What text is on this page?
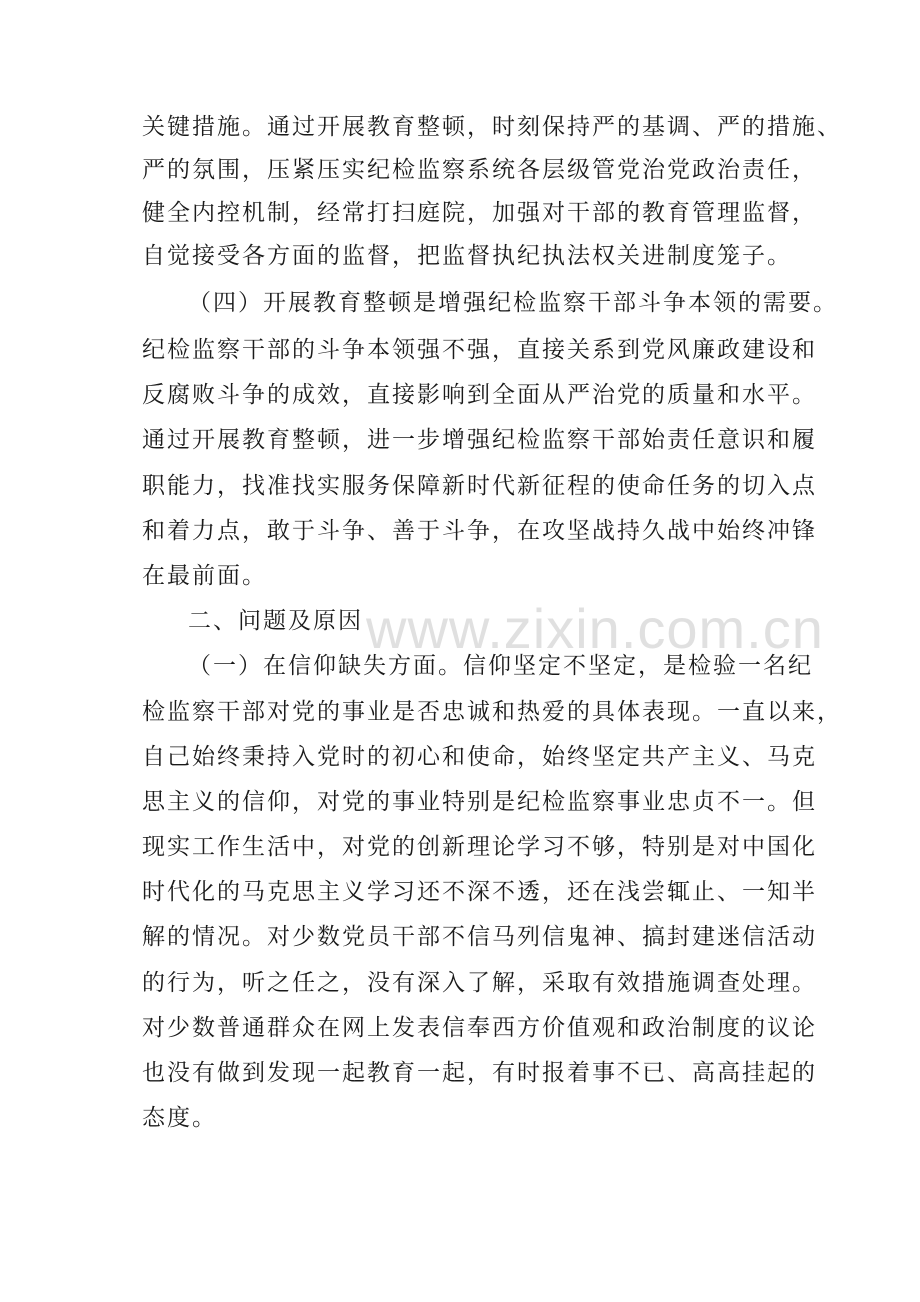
www.zixin.com.cn
关键措施。通过开展教育整顿，时刻保持严的基调、严的措施、
严的氛围，压紧压实纪检监察系统各层级管党治党政治责任，
健全内控机制，经常打扫庭院，加强对干部的教育管理监督，
自觉接受各方面的监督，把监督执纪执法权关进制度笼子。
（四）开展教育整顿是增强纪检监察干部斗争本领的需要。
纪检监察干部的斗争本领强不强，直接关系到党风廉政建设和
反腐败斗争的成效，直接影响到全面从严治党的质量和水平。
通过开展教育整顿，进一步增强纪检监察干部始责任意识和履
职能力，找准找实服务保障新时代新征程的使命任务的切入点
和着力点，敢于斗争、善于斗争，在攻坚战持久战中始终冲锋
在最前面。
二、问题及原因
（一）在信仰缺失方面。信仰坚定不坚定，是检验一名纪
检监察干部对党的事业是否忠诚和热爱的具体表现。一直以来，
自己始终秉持入党时的初心和使命，始终坚定共产主义、马克
思主义的信仰，对党的事业特别是纪检监察事业忠贞不一。但
现实工作生活中，对党的创新理论学习不够，特别是对中国化
时代化的马克思主义学习还不深不透，还在浅尝辄止、一知半
解的情况。对少数党员干部不信马列信鬼神、搞封建迷信活动
的行为，听之任之，没有深入了解，采取有效措施调查处理。
对少数普通群众在网上发表信奉西方价值观和政治制度的议论
也没有做到发现一起教育一起，有时报着事不已、高高挂起的
态度。
